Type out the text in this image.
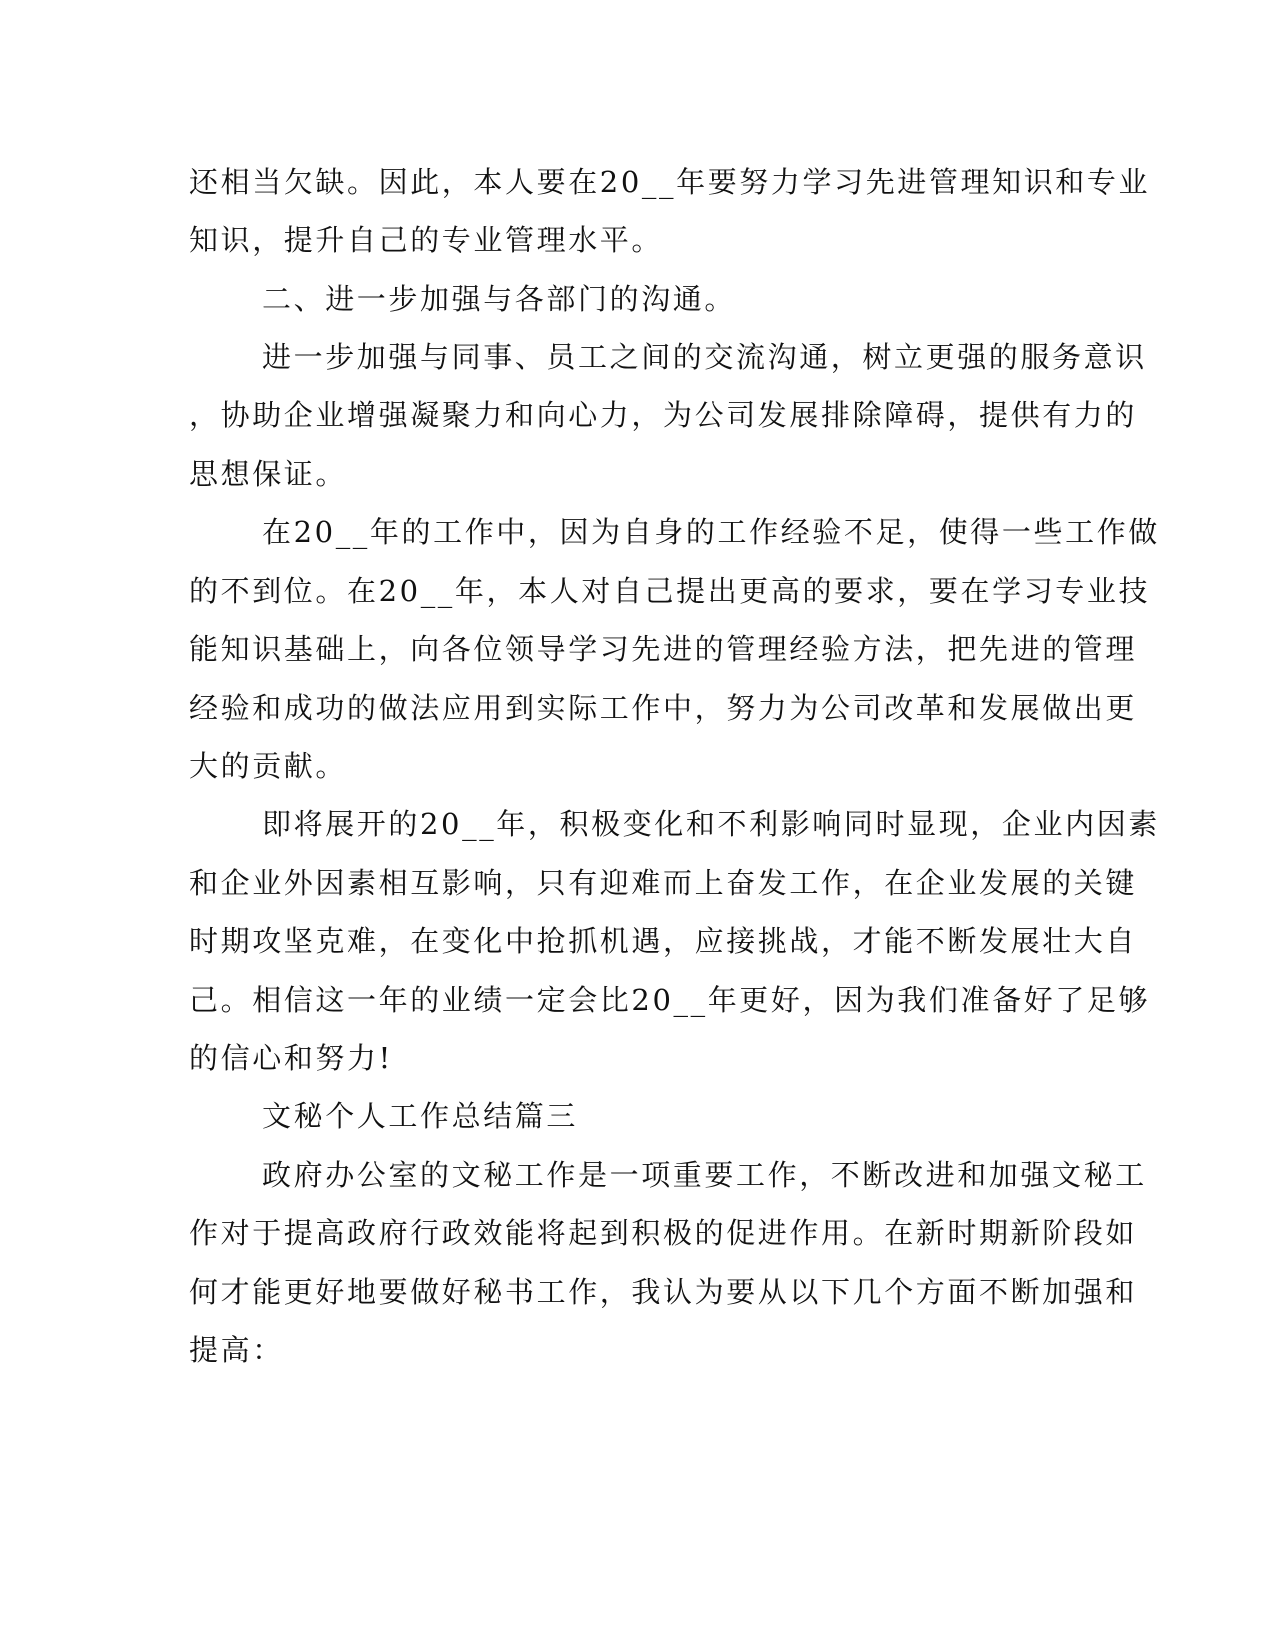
还相当欠缺。因此，本人要在20__年要努力学习先进管理知识和专业
知识，提升自己的专业管理水平。
二、进一步加强与各部门的沟通。
进一步加强与同事、员工之间的交流沟通，树立更强的服务意识
，协助企业增强凝聚力和向心力，为公司发展排除障碍，提供有力的
思想保证。
在20__年的工作中，因为自身的工作经验不足，使得一些工作做
的不到位。在20__年，本人对自己提出更高的要求，要在学习专业技
能知识基础上，向各位领导学习先进的管理经验方法，把先进的管理
经验和成功的做法应用到实际工作中，努力为公司改革和发展做出更
大的贡献。
即将展开的20__年，积极变化和不利影响同时显现，企业内因素
和企业外因素相互影响，只有迎难而上奋发工作，在企业发展的关键
时期攻坚克难，在变化中抢抓机遇，应接挑战，才能不断发展壮大自
己。相信这一年的业绩一定会比20__年更好，因为我们准备好了足够
的信心和努力!
文秘个人工作总结篇三
政府办公室的文秘工作是一项重要工作，不断改进和加强文秘工
作对于提高政府行政效能将起到积极的促进作用。在新时期新阶段如
何才能更好地要做好秘书工作，我认为要从以下几个方面不断加强和
提高：
